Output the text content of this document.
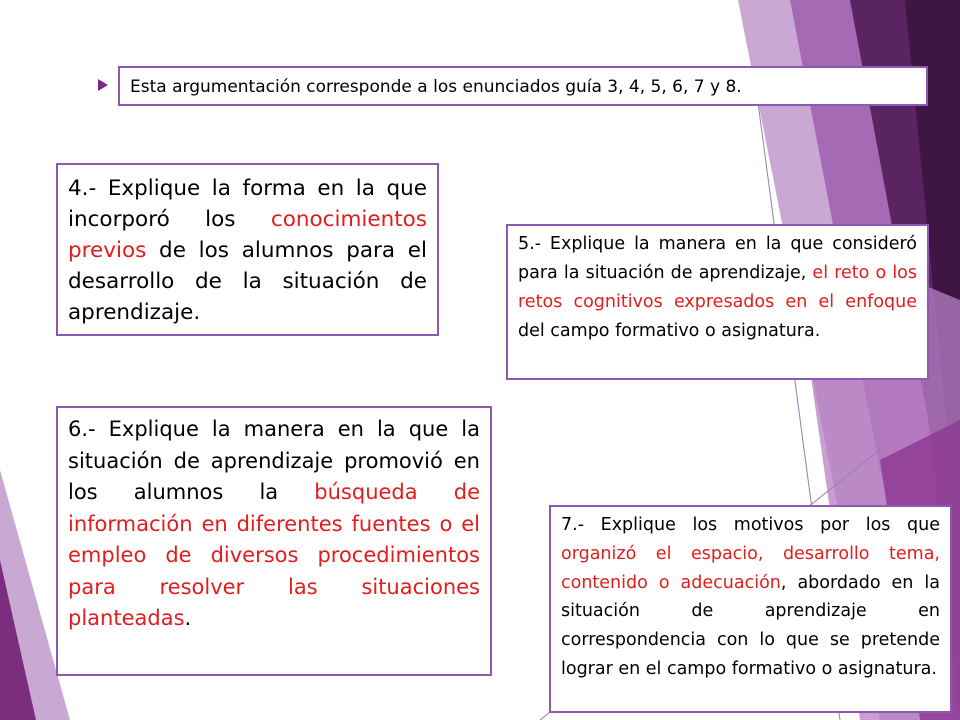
Esta argumentación corresponde a los enunciados guía 3, 4, 5, 6, 7 y 8.
4.- Explique la forma en la que incorporó los conocimientos previos de los alumnos para el desarrollo de la situación de aprendizaje.
5.- Explique la manera en la que consideró para la situación de aprendizaje, el reto o los retos cognitivos expresados en el enfoque del campo formativo o asignatura.
6.- Explique la manera en la que la situación de aprendizaje promovió en los alumnos la búsqueda de información en diferentes fuentes o el empleo de diversos procedimientos para resolver las situaciones planteadas.
7.- Explique los motivos por los que organizó el espacio, desarrollo tema, contenido o adecuación, abordado en la situación de aprendizaje en correspondencia con lo que se pretende lograr en el campo formativo o asignatura.
